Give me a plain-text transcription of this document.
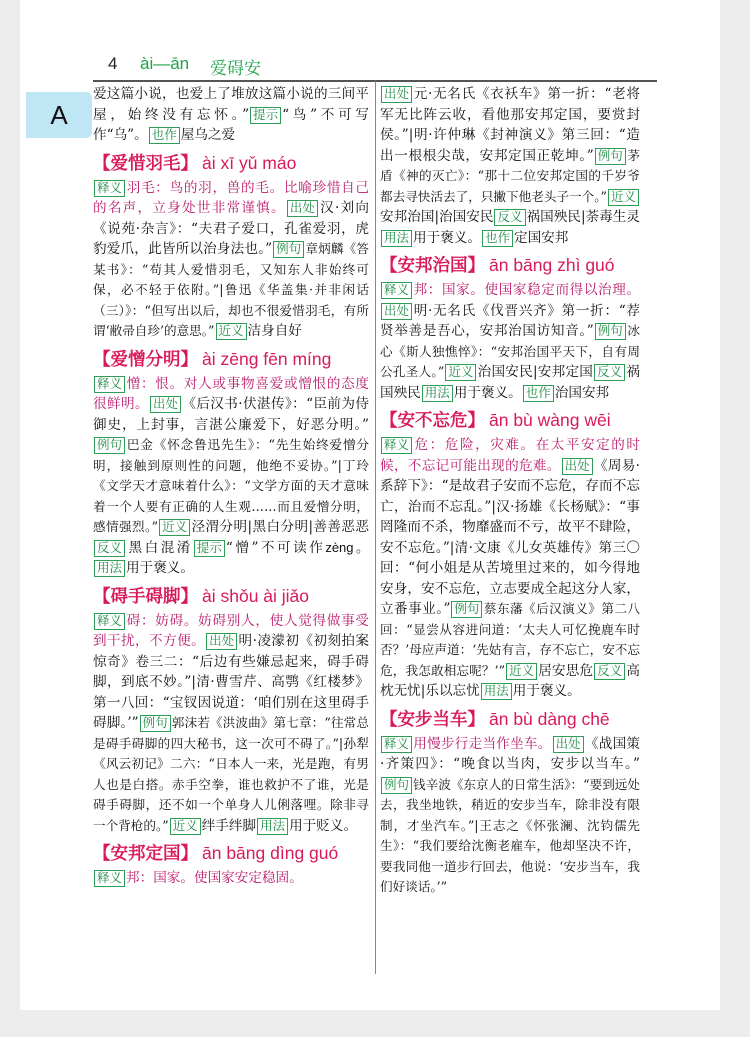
4 ài—ān 爱碍安
A

爱这篇小说，也爱上了堆放这篇小说的三间平屋，始终没有忘怀。” 提示 “鸟”不可写作“乌”。 也作 屋乌之爱

【爱惜羽毛】 ài xī yǔ máo

释义 羽毛：鸟的羽，兽的毛。比喻珍惜自己的名声，立身处世非常谨慎。 出处 汉·刘向《说苑·杂言》：“夫君子爱口，孔雀爱羽，虎豹爱爪，此皆所以治身法也。” 例句 章炳麟《答某书》：“苟其人爱惜羽毛，又知东人非始终可保，必不轻于依附。”|鲁迅《华盖集·并非闲话（三）》：“但写出以后，却也不很爱惜羽毛，有所谓‘敝帚自珍’的意思。” 近义 洁身自好

【爱憎分明】 ài zēng fēn míng

释义 憎：恨。对人或事物喜爱或憎恨的态度很鲜明。 出处 《后汉书·伏湛传》：“臣前为侍御史，上封事，言湛公廉爱下，好恶分明。”例句 巴金《怀念鲁迅先生》：“先生始终爱憎分明，接触到原则性的问题，他绝不妥协。”|丁玲《文学天才意味着什么》：“文学方面的天才意味着一个人要有正确的人生观……而且爱憎分明，感情强烈。” 近义 泾渭分明|黑白分明|善善恶恶反义 黑白混淆 提示 “憎”不可读作zèng。用法 用于褒义。

【碍手碍脚】 ài shǒu ài jiǎo

释义 碍：妨碍。妨碍别人，使人觉得做事受到干扰，不方便。 出处 明·凌濛初《初刻拍案惊奇》卷三二：“后边有些嫌忌起来，碍手碍脚，到底不妙。”|清·曹雪芹、高鹗《红楼梦》第一八回：“宝钗因说道：‘咱们别在这里碍手碍脚。’” 例句 郭沫若《洪波曲》第七章：“往常总是碍手碍脚的四大秘书，这一次可不碍了。”|孙犁《风云初记》二六：“日本人一来，光是跑，有男人也是白搭。赤手空拳，谁也救护不了谁，光是碍手碍脚，还不如一个单身人儿俐落哩。除非寻一个背枪的。” 近义 绊手绊脚 用法 用于贬义。

【安邦定国】 ān bāng dìng guó

释义 邦：国家。使国家安定稳固。

出处 元·无名氏《衣袄车》第一折：“老将军无比阵云收，看他那安邦定国，要赏封侯。”|明·许仲琳《封神演义》第三回：“造出一根根尖哉，安邦定国正乾坤。” 例句 茅盾《神的灭亡》：“那十二位安邦定国的千岁爷都去寻快活去了，只撇下他老头子一个。” 近义安邦治国|治国安民 反义 祸国殃民|荼毒生灵用法 用于褒义。 也作 定国安邦

【安邦治国】 ān bāng zhì guó

释义 邦：国家。使国家稳定而得以治理。出处 明·无名氏《伐晋兴齐》第一折：“荐贤举善是吾心，安邦治国访知音。” 例句 冰心《斯人独憔悴》：“安邦治国平天下，自有周公孔圣人。” 近义 治国安民|安邦定国 反义 祸国殃民 用法 用于褒义。 也作 治国安邦

【安不忘危】 ān bù wàng wēi

释义 危：危险，灾难。在太平安定的时候，不忘记可能出现的危难。 出处 《周易·系辞下》：“是故君子安而不忘危，存而不忘亡，治而不忘乱。”|汉·扬雄《长杨赋》：“事罔隆而不杀，物靡盛而不亏，故平不肆险，安不忘危。”|清·文康《儿女英雄传》第三〇回：“何小姐是从苦境里过来的，如今得地安身，安不忘危，立志要成全起这分人家，立番事业。” 例句 蔡东藩《后汉演义》第二八回：“显尝从容进问道：‘太夫人可忆挽鹿车时否？’母应声道：‘先姑有言，存不忘亡，安不忘危，我怎敢相忘呢？’” 近义 居安思危 反义 高枕无忧|乐以忘忧 用法 用于褒义。

【安步当车】 ān bù dàng chē

释义 用慢步行走当作坐车。 出处 《战国策·齐策四》：“晚食以当肉，安步以当车。”例句 钱辛波《东京人的日常生活》：“要到远处去，我坐地铁，稍近的安步当车，除非没有限制，才坐汽车。”|王志之《怀张澜、沈钧儒先生》：“我们要给沈衡老雇车，他却坚决不许，要我同他一道步行回去，他说：‘安步当车，我们好谈话。’”
